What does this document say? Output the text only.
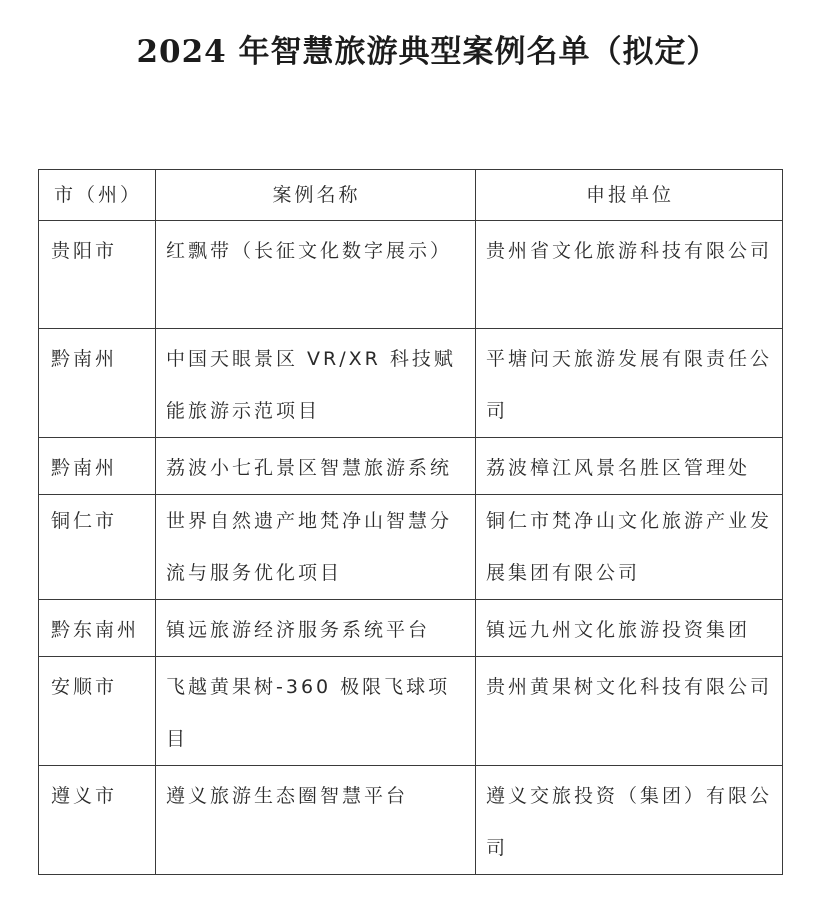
2024 年智慧旅游典型案例名单（拟定）
市（州）	案例名称	申报单位
贵阳市	红飘带（长征文化数字展示）	贵州省文化旅游科技有限公司
黔南州	中国天眼景区 VR/XR 科技赋能旅游示范项目	平塘问天旅游发展有限责任公司
黔南州	荔波小七孔景区智慧旅游系统	荔波樟江风景名胜区管理处
铜仁市	世界自然遗产地梵净山智慧分流与服务优化项目	铜仁市梵净山文化旅游产业发展集团有限公司
黔东南州	镇远旅游经济服务系统平台	镇远九州文化旅游投资集团
安顺市	飞越黄果树-360 极限飞球项目	贵州黄果树文化科技有限公司
遵义市	遵义旅游生态圈智慧平台	遵义交旅投资（集团）有限公司
